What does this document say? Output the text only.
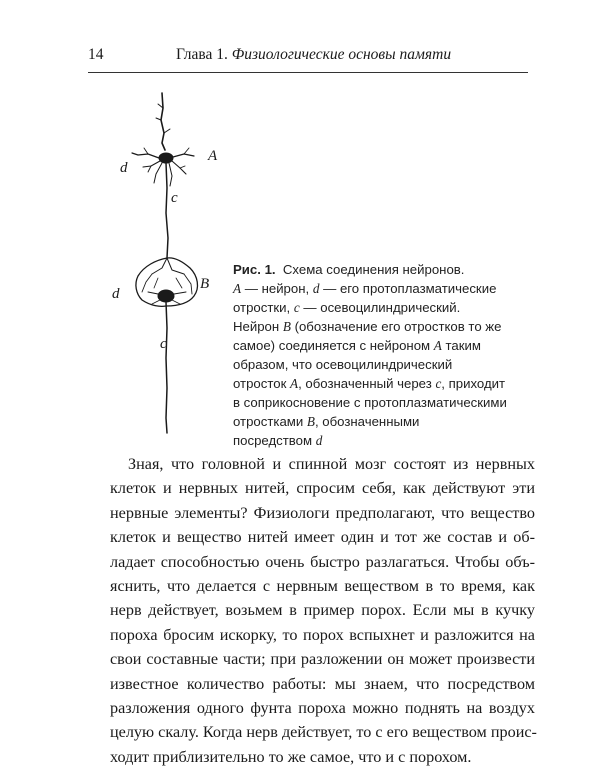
14	Глава 1. Физиологические основы памяти
A
d
c
B
d
c

Рис. 1. Схема соединения нейронов.

A — нейрон, d — его протоплазматические

отростки, c — осевоцилиндрический.

Нейрон B (обозначение его отростков то же

самое) соединяется с нейроном A таким

образом, что осевоцилиндрический

отросток A, обозначенный через c, приходит

в соприкосновение с протоплазматическими

отростками B, обозначенными

посредством d

Зная, что головной и спинной мозг состоят из нервных
клеток и нервных нитей, спросим себя, как действуют эти
нервные элементы? Физиологи предполагают, что вещество
клеток и вещество нитей имеет один и тот же состав и об-
ладает способностью очень быстро разлагаться. Чтобы объ-
яснить, что делается с нервным веществом в то время, как
нерв действует, возьмем в пример порох. Если мы в кучку
пороха бросим искорку, то порох вспыхнет и разложится на
свои составные части; при разложении он может произвести
известное количество работы: мы знаем, что посредством
разложения одного фунта пороха можно поднять на воздух
целую скалу. Когда нерв действует, то с его веществом проис-
ходит приблизительно то же самое, что и с порохом.
